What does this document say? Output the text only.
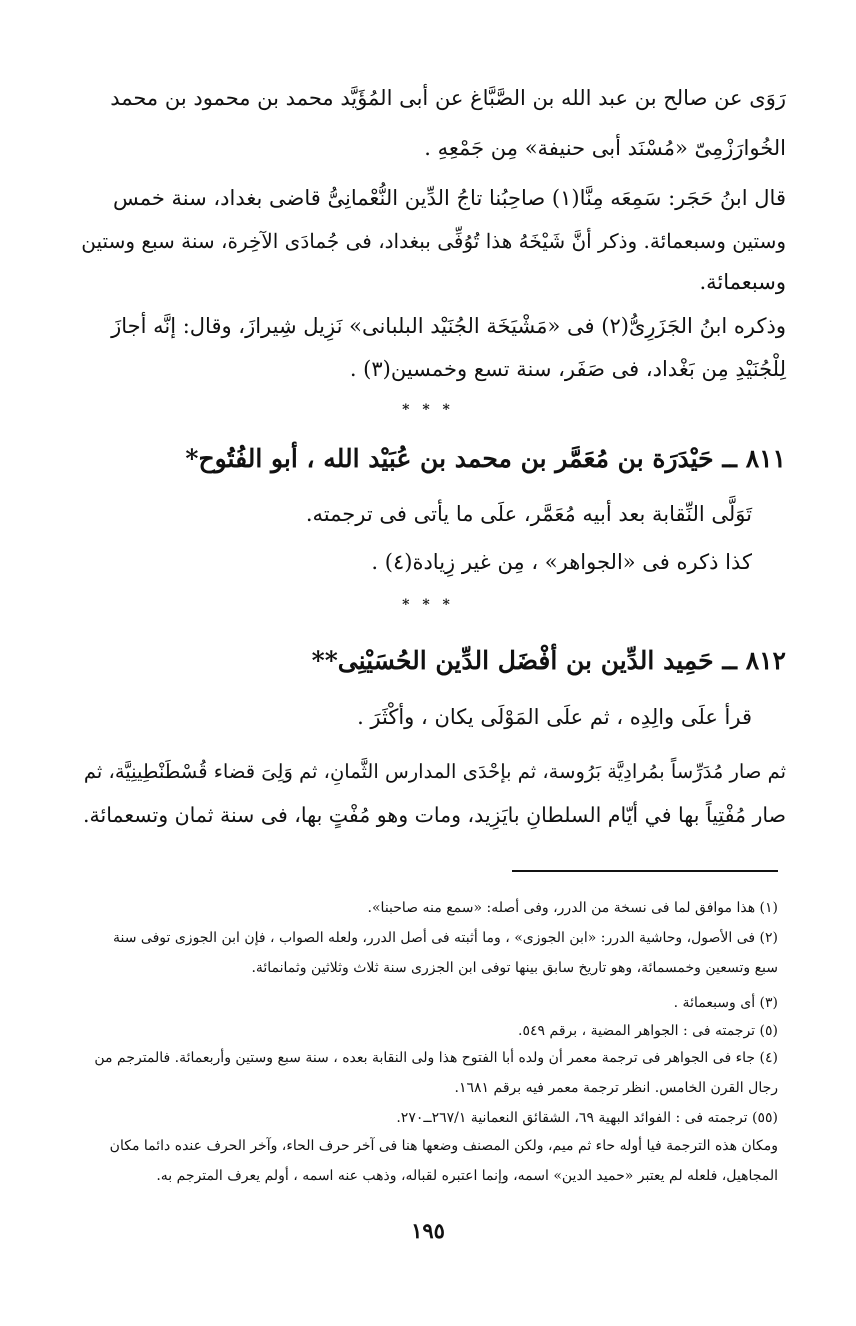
رَوَى عن صالح بن عبد الله بن الصَّبَّاغ عن أبى المُؤَيَّد محمد بن محمود بن محمد
الخُوارَزْمِىّ «مُسْنَد أبى حنيفة» مِن جَمْعِهِ .
قال ابنُ حَجَر: سَمِعَه مِنَّا(١) صاحِبُنا تاجُ الدِّين النُّعْمانِىُّ قاضى بغداد، سنة خمس
وستين وسبعمائة. وذكر أنَّ شَيْخَهُ هذا تُوُفِّى ببغداد، فى جُمادَى الآخِرة، سنة سبع وستين
وسبعمائة.
وذكره ابنُ الجَزَرِىُّ(٢) فى «مَشْيَخَة الجُنَيْد البلبانى» نَزِيل شِيرازَ، وقال: إنَّه أجازَ
لِلْجُنَيْدِ مِن بَغْداد، فى صَفَر، سنة تسع وخمسين(٣) .
* * *
٨١١ ــ حَيْدَرَة بن مُعَمَّر بن محمد بن عُبَيْد الله ، أبو الفُتُوح*
تَوَلَّى النِّقابة بعد أبيه مُعَمَّر، علَى ما يأتى فى ترجمته.
كذا ذكره فى «الجواهر» ، مِن غير زِيادة(٤) .
* * *
٨١٢ ــ حَمِيد الدِّين بن أفْضَل الدِّين الحُسَيْنِى**
قرأ علَى والِدِه ، ثم علَى المَوْلَى يكان ، وأكْثَرَ .
ثم صار مُدَرِّساً بمُرادِيَّة بَرُوسة، ثم بإحْدَى المدارس الثَّمانِ، ثم وَلِىَ قضاء قُسْطَنْطِينِيَّة، ثم
صار مُفْتِياً بها في أيّام السلطانِ بايَزِيد، ومات وهو مُفْتٍ بها، فى سنة ثمان وتسعمائة.
(١) هذا موافق لما فى نسخة من الدرر، وفى أصله: «سمع منه صاحبنا».
(٢) فى الأصول، وحاشية الدرر: «ابن الجوزى» ، وما أثبته فى أصل الدرر، ولعله الصواب ، فإن ابن الجوزى توفى سنة
سبع وتسعين وخمسمائة، وهو تاريخ سابق بينها توفى ابن الجزرى سنة ثلاث وثلاثين وثمانمائة.
(٣) أى وسبعمائة .
(٥) ترجمته فى : الجواهر المضية ، برقم ٥٤٩.
(٤) جاء فى الجواهر فى ترجمة معمر أن ولده أبا الفتوح هذا ولى النقابة بعده ، سنة سبع وستين وأربعمائة. فالمترجم من
رجال القرن الخامس. انظر ترجمة معمر فيه برقم ١٦٨١.
(٥٥) ترجمته فى : الفوائد البهية ٦٩، الشقائق النعمانية ٢٦٧/١ــ٢٧٠.
ومكان هذه الترجمة فيا أوله حاء ثم ميم، ولكن المصنف وضعها هنا فى آخر حرف الحاء، وآخر الحرف عنده دائما مكان
المجاهيل، فلعله لم يعتبر «حميد الدين» اسمه، وإنما اعتبره لقباله، وذهب عنه اسمه ، أولم يعرف المترجم به.
١٩٥
